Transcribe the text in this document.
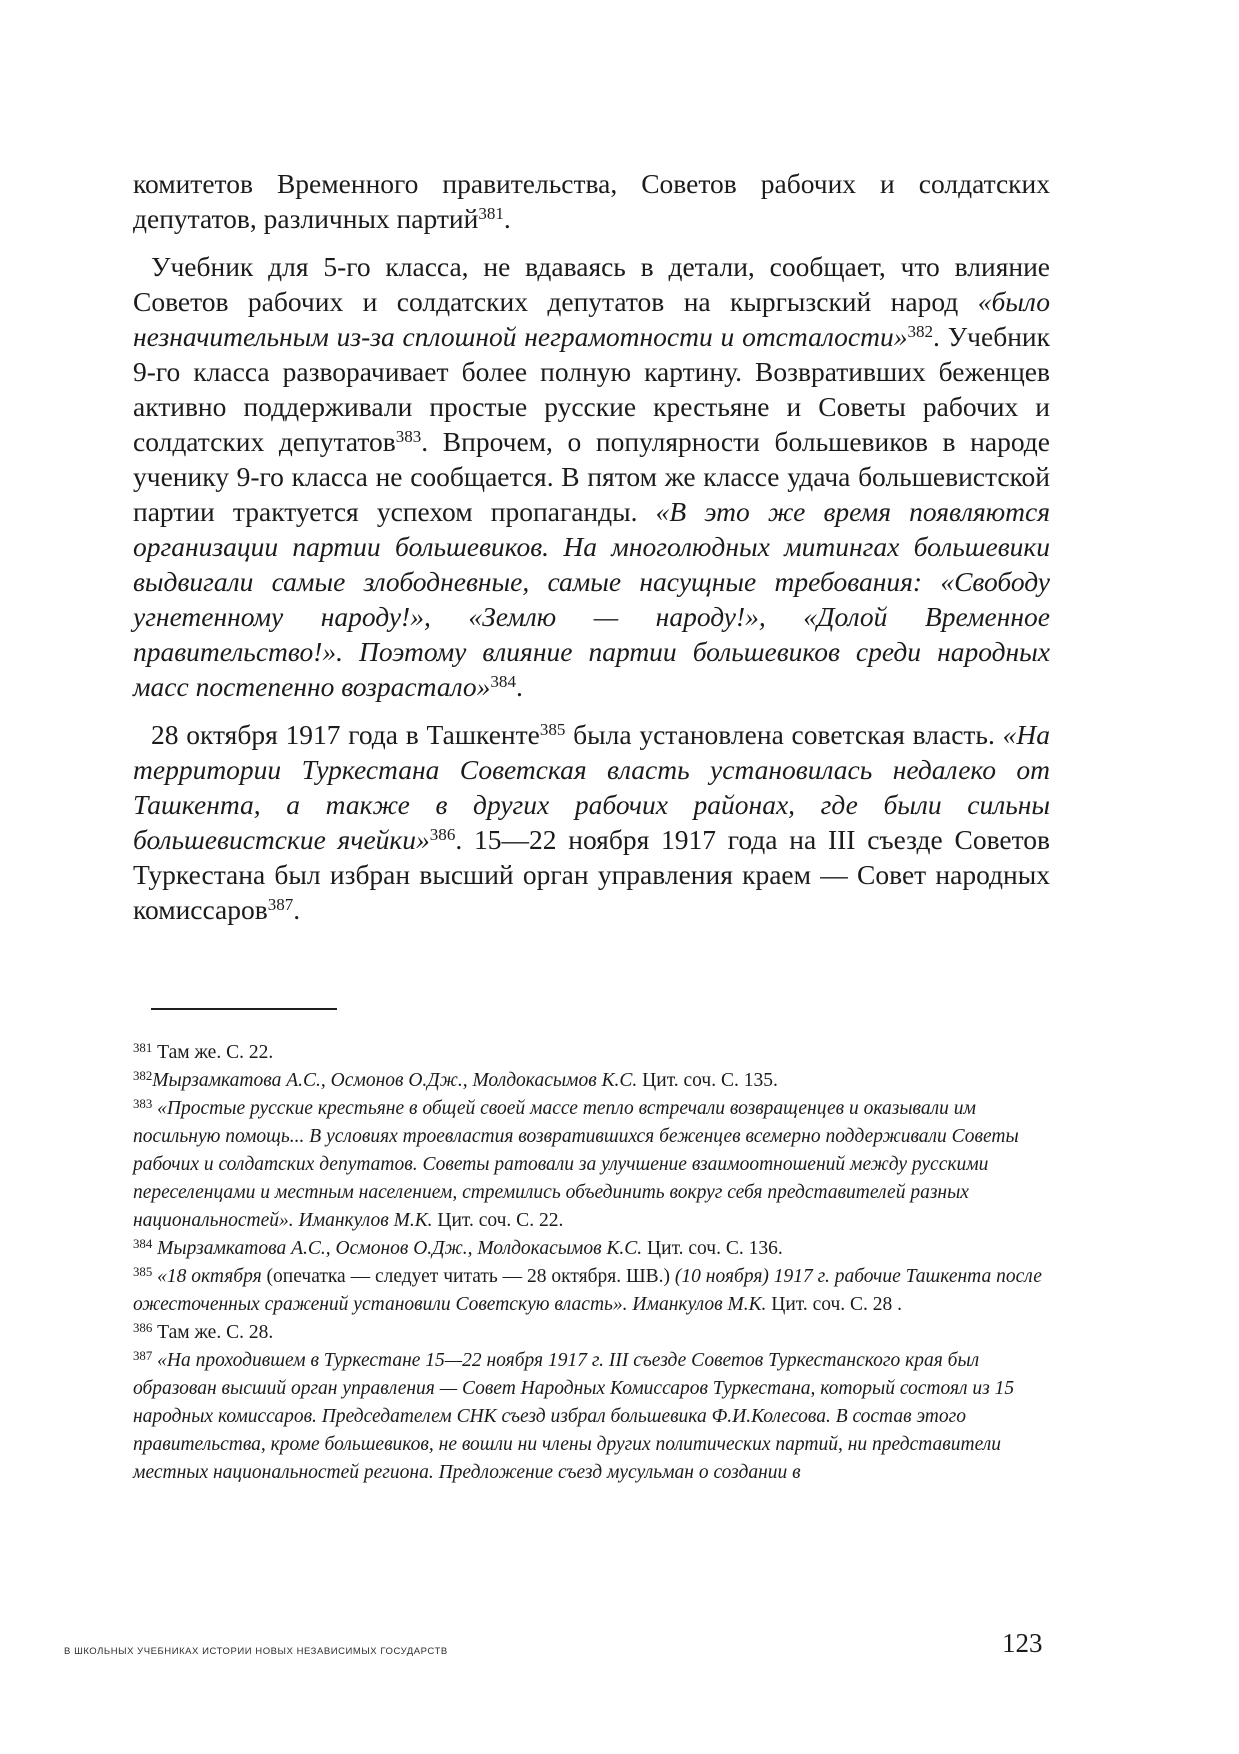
комитетов Временного правительства, Советов рабочих и солдатских депутатов, различных партий$^{381}$.
Учебник для 5-го класса, не вдаваясь в детали, сообщает, что влияние Советов рабочих и солдатских депутатов на кыргызский народ «было незначительным из-за сплошной неграмотности и отсталости»$^{382}$. Учебник 9-го класса разворачивает более полную картину. Возвративших беженцев активно поддерживали простые русские крестьяне и Советы рабочих и солдатских депутатов$^{383}$. Впрочем, о популярности большевиков в народе ученику 9-го класса не сообщается. В пятом же классе удача большевистской партии трактуется успехом пропаганды. «В это же время появляются организации партии большевиков. На многолюдных митингах большевики выдвигали самые злободневные, самые насущные требования: «Свободу угнетенному народу!», «Землю — народу!», «Долой Временное правительство!». Поэтому влияние партии большевиков среди народных масс постепенно возрастало»$^{384}$.
28 октября 1917 года в Ташкенте$^{385}$ была установлена советская власть. «На территории Туркестана Советская власть установилась недалеко от Ташкента, а также в других рабочих районах, где были сильны большевистские ячейки»$^{386}$. 15—22 ноября 1917 года на III съезде Советов Туркестана был избран высший орган управления краем — Совет народных комиссаров$^{387}$.
$^{381}$ Там же. С. 22.
$^{382}$Мырзамкатова А.С., Осмонов О.Дж., Молдокасымов К.С. Цит. соч. С. 135.
$^{383}$ «Простые русские крестьяне в общей своей массе тепло встречали возвращенцев и оказывали им посильную помощь... В условиях троевластия возвратившихся беженцев всемерно поддерживали Советы рабочих и солдатских депутатов. Советы ратовали за улучшение взаимоотношений между русскими переселенцами и местным населением, стремились объединить вокруг себя представителей разных национальностей». Иманкулов М.К. Цит. соч. С. 22.
$^{384}$ Мырзамкатова А.С., Осмонов О.Дж., Молдокасымов К.С. Цит. соч. С. 136.
$^{385}$ «18 октября (опечатка — следует читать — 28 октября. ШВ.) (10 ноября) 1917 г. рабочие Ташкента после ожесточенных сражений установили Советскую власть». Иманкулов М.К. Цит. соч. С. 28 .
$^{386}$ Там же. С. 28.
$^{387}$ «На проходившем в Туркестане 15—22 ноября 1917 г. III съезде Советов Туркестанского края был образован высший орган управления — Совет Народных Комиссаров Туркестана, который состоял из 15 народных комиссаров. Председателем СНК съезд избрал большевика Ф.И.Колесова. В состав этого правительства, кроме большевиков, не вошли ни члены других политических партий, ни представители местных национальностей региона. Предложение съезд мусульман о создании в
В ШКОЛЬНЫХ УЧЕБНИКАХ ИСТОРИИ НОВЫХ НЕЗАВИСИМЫХ ГОСУДАРСТВ	123
